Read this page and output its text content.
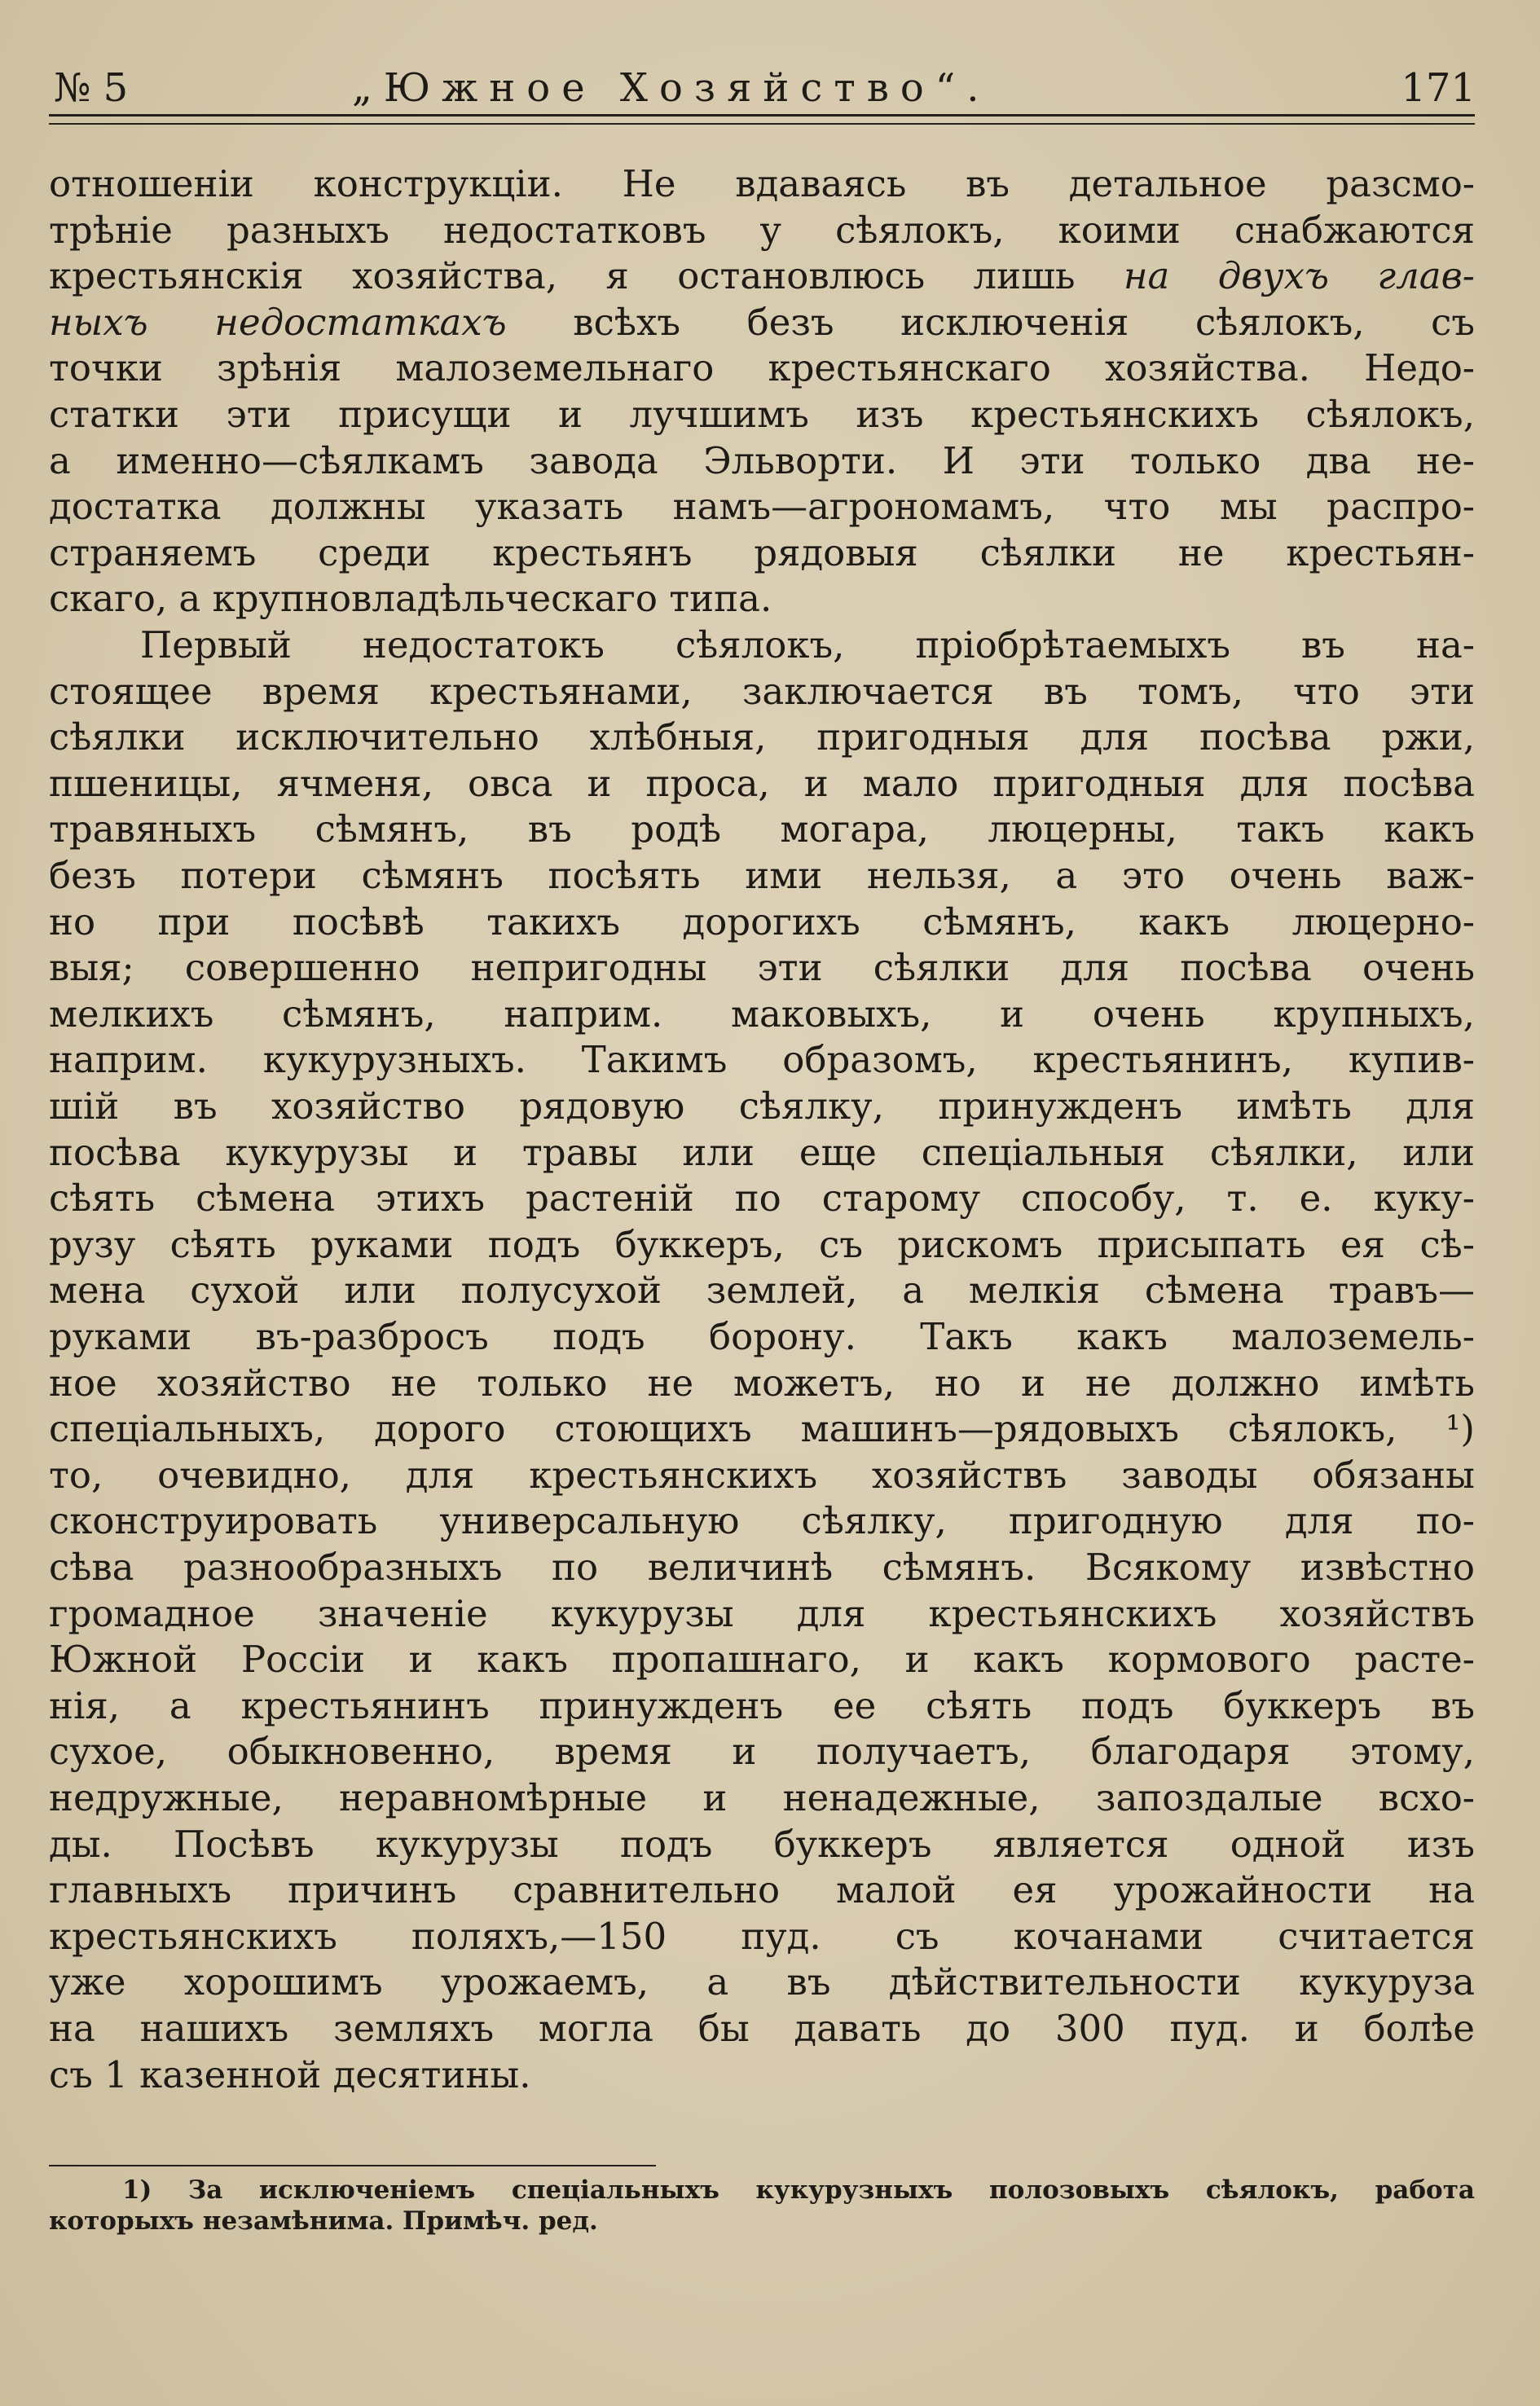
№ 5	„Южное Хозяйство“.	171
отношеніи конструкціи. Не вдаваясь въ детальное разсмо-
трѣніе разныхъ недостатковъ у сѣялокъ, коими снабжаются
крестьянскія хозяйства, я остановлюсь лишь на двухъ глав-
ныхъ недостаткахъ всѣхъ безъ исключенія сѣялокъ, съ
точки зрѣнія малоземельнаго крестьянскаго хозяйства. Недо-
статки эти присущи и лучшимъ изъ крестьянскихъ сѣялокъ,
а именно—сѣялкамъ завода Эльворти. И эти только два не-
достатка должны указать намъ—агрономамъ, что мы распро-
страняемъ среди крестьянъ рядовыя сѣялки не крестьян-
скаго, а крупновладѣльческаго типа.
Первый недостатокъ сѣялокъ, пріобрѣтаемыхъ въ на-
стоящее время крестьянами, заключается въ томъ, что эти
сѣялки исключительно хлѣбныя, пригодныя для посѣва ржи,
пшеницы, ячменя, овса и проса, и мало пригодныя для посѣва
травяныхъ сѣмянъ, въ родѣ могара, люцерны, такъ какъ
безъ потери сѣмянъ посѣять ими нельзя, а это очень важ-
но при посѣвѣ такихъ дорогихъ сѣмянъ, какъ люцерно-
выя; совершенно непригодны эти сѣялки для посѣва очень
мелкихъ сѣмянъ, наприм. маковыхъ, и очень крупныхъ,
наприм. кукурузныхъ. Такимъ образомъ, крестьянинъ, купив-
шій въ хозяйство рядовую сѣялку, принужденъ имѣть для
посѣва кукурузы и травы или еще спеціальныя сѣялки, или
сѣять сѣмена этихъ растеній по старому способу, т. е. куку-
рузу сѣять руками подъ буккеръ, съ рискомъ присыпать ея сѣ-
мена сухой или полусухой землей, а мелкія сѣмена травъ—
руками въ-разбросъ подъ борону. Такъ какъ малоземель-
ное хозяйство не только не можетъ, но и не должно имѣть
спеціальныхъ, дорого стоющихъ машинъ—рядовыхъ сѣялокъ, ¹)
то, очевидно, для крестьянскихъ хозяйствъ заводы обязаны
сконструировать универсальную сѣялку, пригодную для по-
сѣва разнообразныхъ по величинѣ сѣмянъ. Всякому извѣстно
громадное значеніе кукурузы для крестьянскихъ хозяйствъ
Южной Россіи и какъ пропашнаго, и какъ кормового расте-
нія, а крестьянинъ принужденъ ее сѣять подъ буккеръ въ
сухое, обыкновенно, время и получаетъ, благодаря этому,
недружные, неравномѣрные и ненадежные, запоздалые всхо-
ды. Посѣвъ кукурузы подъ буккеръ является одной изъ
главныхъ причинъ сравнительно малой ея урожайности на
крестьянскихъ поляхъ,—150 пуд. съ кочанами считается
уже хорошимъ урожаемъ, а въ дѣйствительности кукуруза
на нашихъ земляхъ могла бы давать до 300 пуд. и болѣе
съ 1 казенной десятины.
1) За исключеніемъ спеціальныхъ кукурузныхъ полозовыхъ сѣялокъ, работа
которыхъ незамѣнима. Примѣч. ред.
